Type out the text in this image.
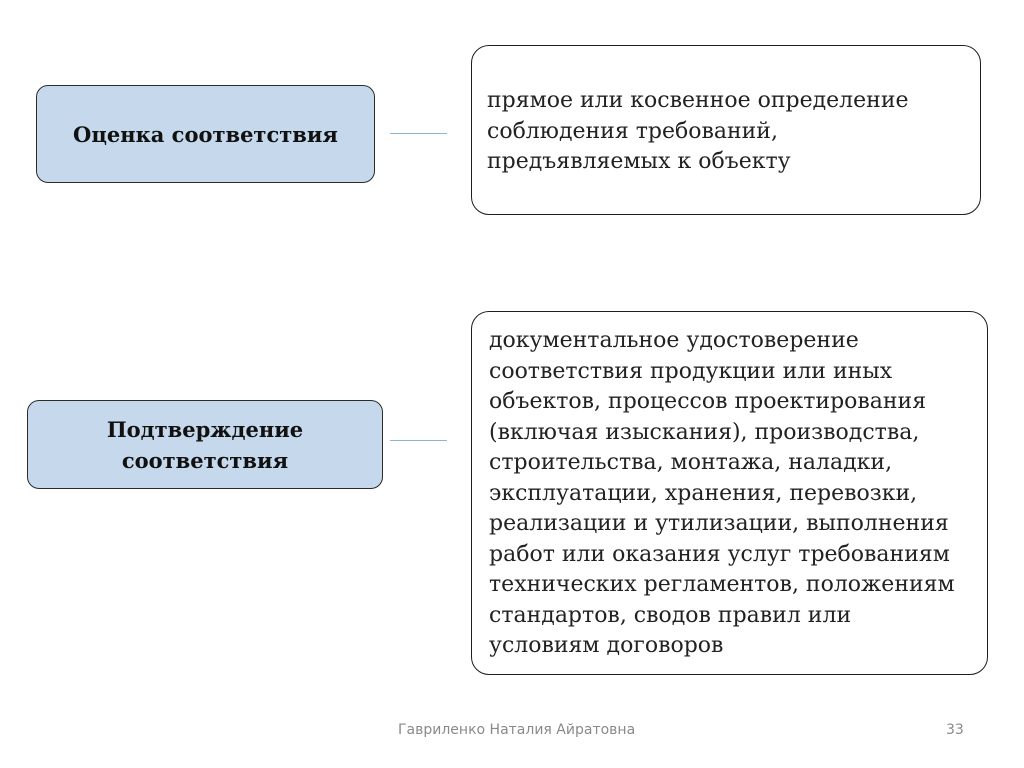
Оценка соответствия
прямое или косвенное определение
соблюдения требований,
предъявляемых к объекту
Подтверждение
соответствия
документальное удостоверение
соответствия продукции или иных
объектов, процессов проектирования
(включая изыскания), производства,
строительства, монтажа, наладки,
эксплуатации, хранения, перевозки,
реализации и утилизации, выполнения
работ или оказания услуг требованиям
технических регламентов, положениям
стандартов, сводов правил или
условиям договоров
Гавриленко Наталия Айратовна	33
